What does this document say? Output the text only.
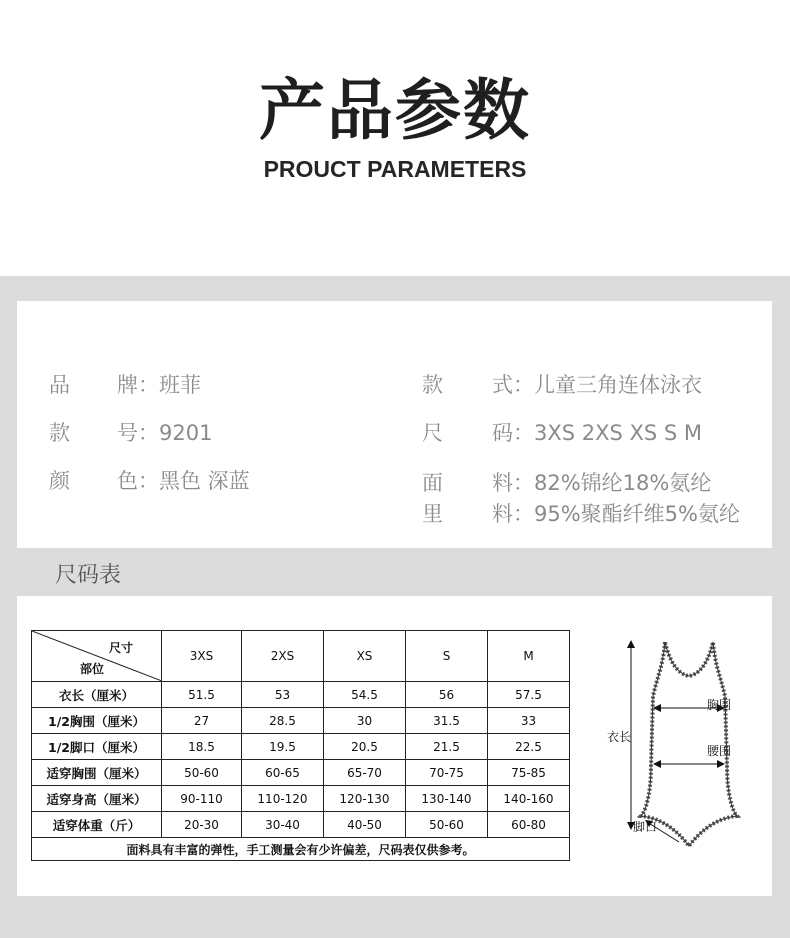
产品参数
PROUCT PARAMETERS
品	牌：班菲
款	号：9201
颜	色：黑色 深蓝
款	式：儿童三角连体泳衣
尺	码：3XS 2XS XS S M
面	料：82%锦纶18%氨纶
里	料：95%聚酯纤维5%氨纶
尺码表
尺寸
部位	3XS	2XS	XS	S	M
衣长（厘米）	51.5	53	54.5	56	57.5
1/2胸围（厘米）	27	28.5	30	31.5	33
1/2脚口（厘米）	18.5	19.5	20.5	21.5	22.5
适穿胸围（厘米）	50-60	60-65	65-70	70-75	75-85
适穿身高（厘米）	90-110	110-120	120-130	130-140	140-160
适穿体重（斤）	20-30	30-40	40-50	50-60	60-80
面料具有丰富的弹性，手工测量会有少许偏差，尺码表仅供参考。					
衣长
胸围
腰围
脚口
